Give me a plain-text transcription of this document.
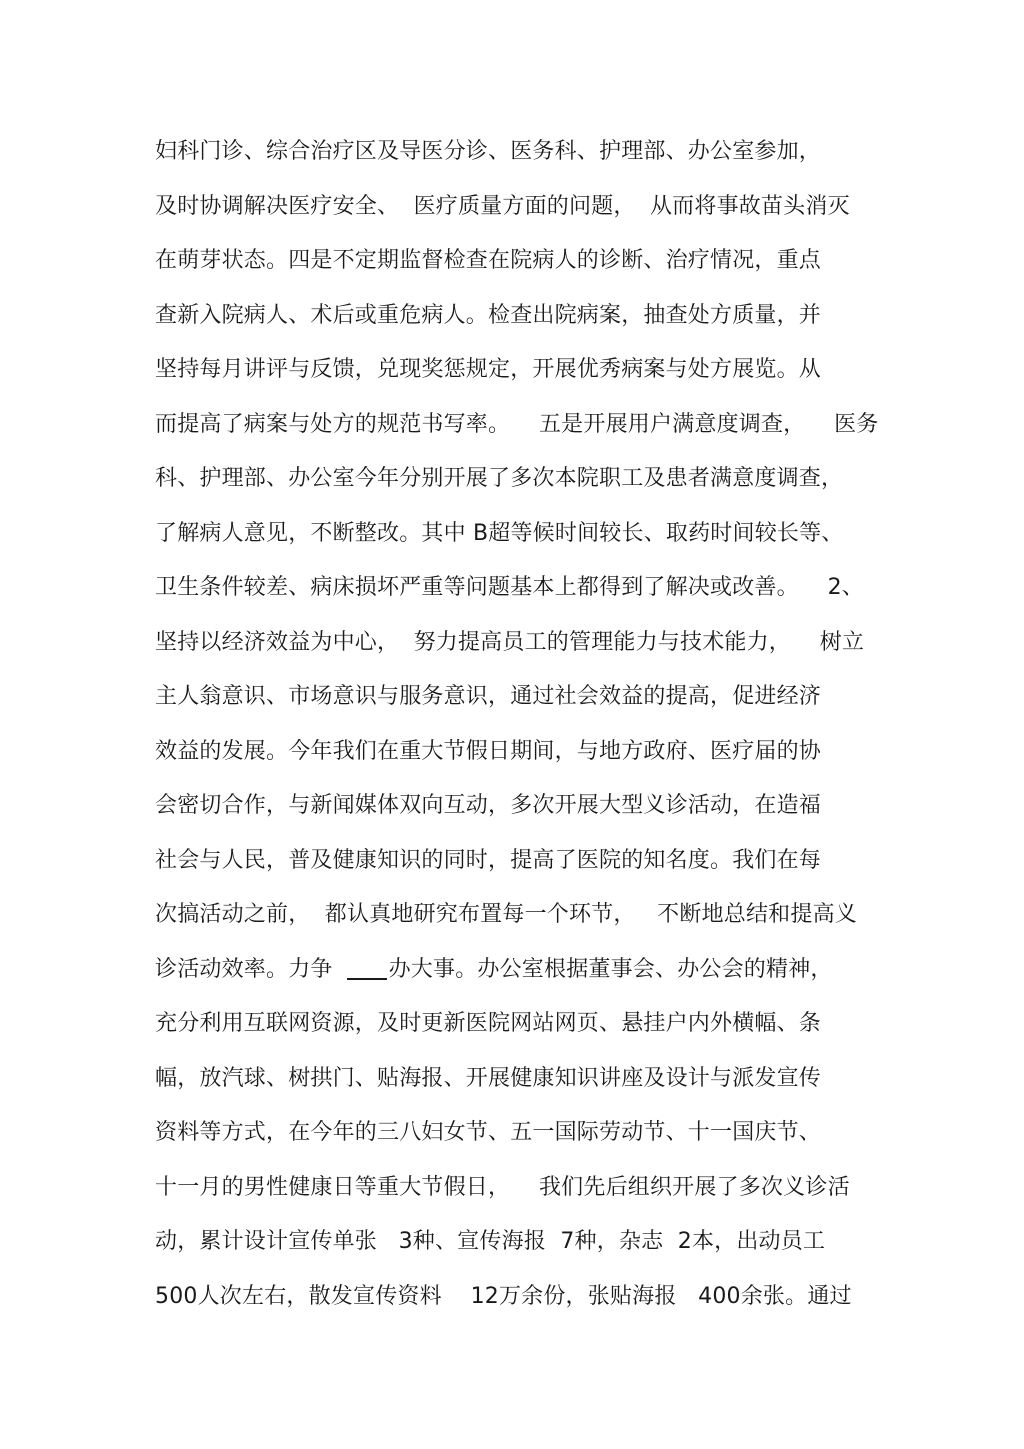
妇科门诊、综合治疗区及导医分诊、医务科、护理部、办公室参加，
及时协调解决医疗安全、  医疗质量方面的问题，  从而将事故苗头消灭
在萌芽状态。四是不定期监督检查在院病人的诊断、治疗情况，重点
查新入院病人、术后或重危病人。检查出院病案，抽查处方质量，并
坚持每月讲评与反馈，兑现奖惩规定，开展优秀病案与处方展览。从
而提高了病案与处方的规范书写率。    五是开展用户满意度调查，    医务
科、护理部、办公室今年分别开展了多次本院职工及患者满意度调查，
了解病人意见，不断整改。其中 B超等候时间较长、取药时间较长等、
卫生条件较差、病床损坏严重等问题基本上都得到了解决或改善。    2、
坚持以经济效益为中心，  努力提高员工的管理能力与技术能力，    树立
主人翁意识、市场意识与服务意识，通过社会效益的提高，促进经济
效益的发展。今年我们在重大节假日期间，与地方政府、医疗届的协
会密切合作，与新闻媒体双向互动，多次开展大型义诊活动，在造福
社会与人民，普及健康知识的同时，提高了医院的知名度。我们在每
次搞活动之前，  都认真地研究布置每一个环节，   不断地总结和提高义
诊活动效率。力争	办大事。办公室根据董事会、办公会的精神，
充分利用互联网资源，及时更新医院网站网页、悬挂户内外横幅、条
幅，放汽球、树拱门、贴海报、开展健康知识讲座及设计与派发宣传
资料等方式，在今年的三八妇女节、五一国际劳动节、十一国庆节、
十一月的男性健康日等重大节假日，    我们先后组织开展了多次义诊活
动，累计设计宣传单张   3种、宣传海报  7种，杂志  2本，出动员工
500人次左右，散发宣传资料    12万余份，张贴海报   400余张。通过
